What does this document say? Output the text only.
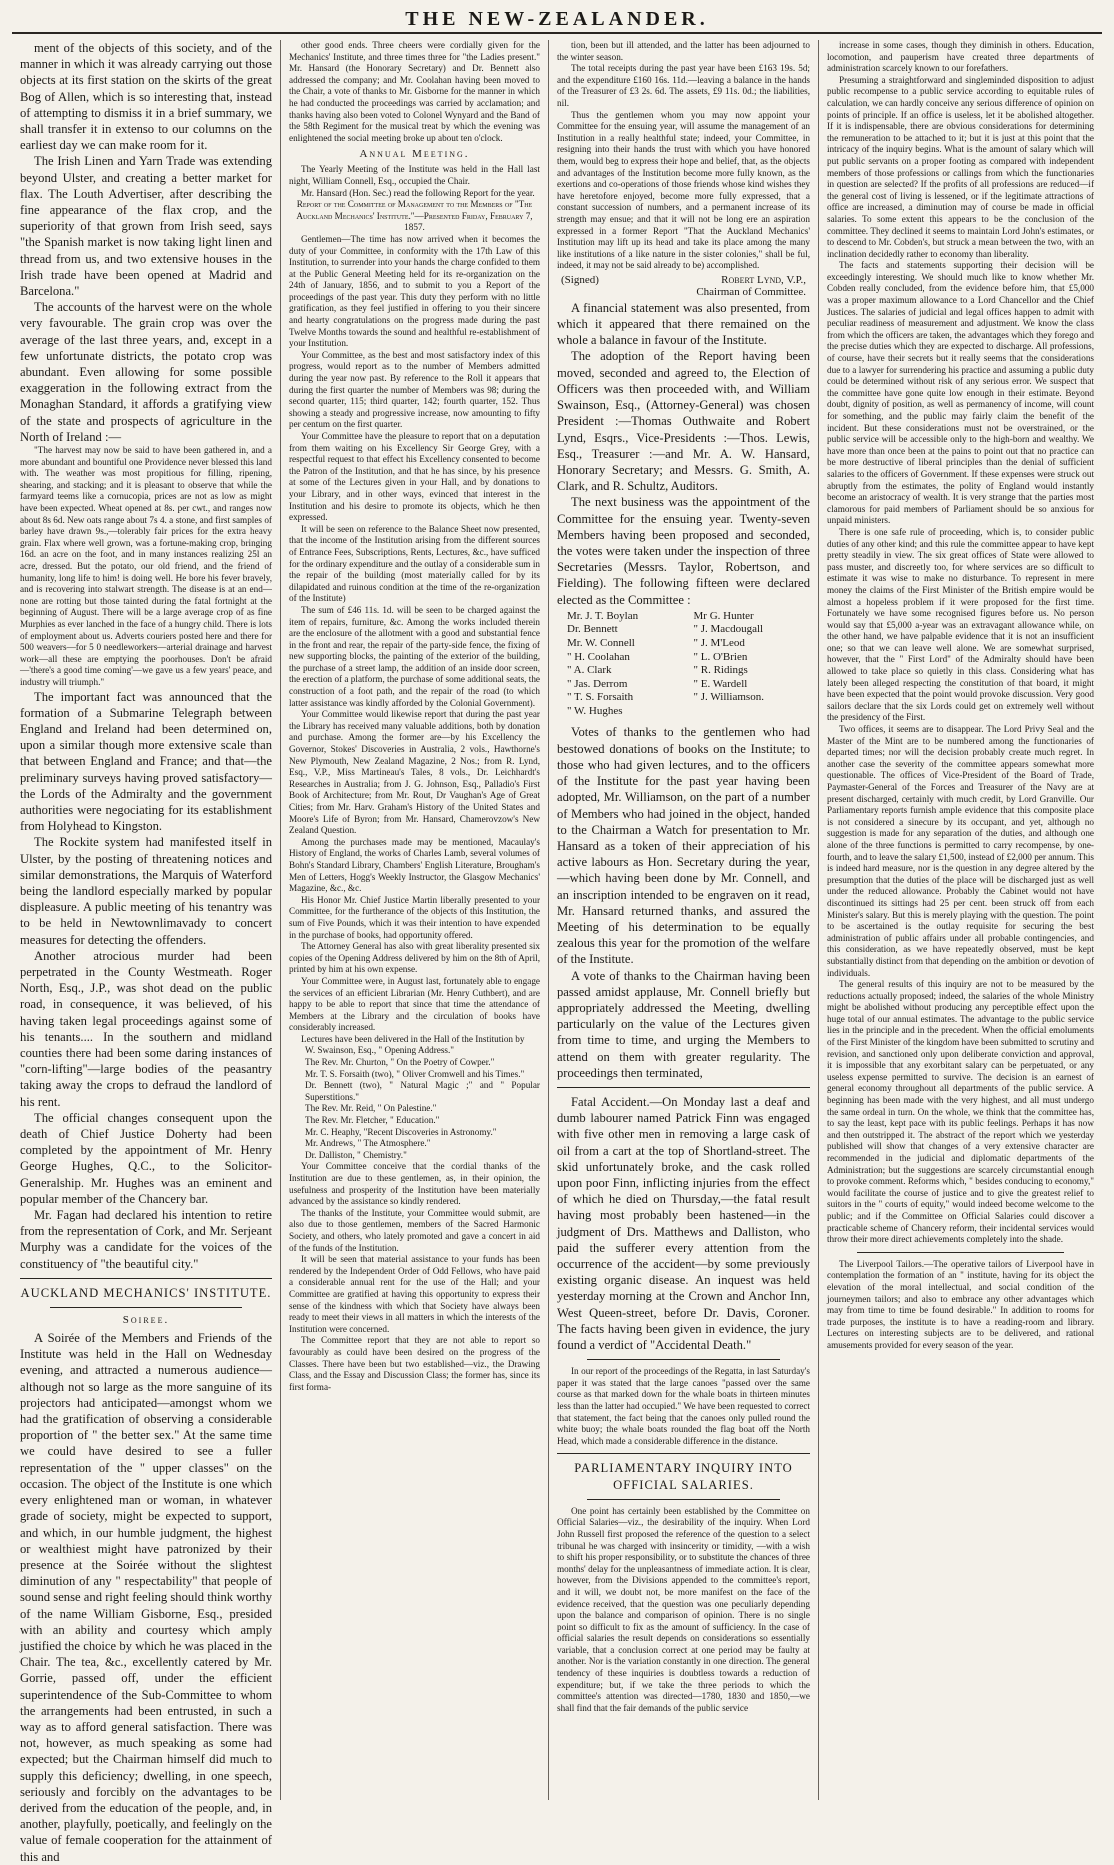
THE NEW-ZEALANDER.

ment of the objects of this society, and of the manner in which it was already carrying out those objects at its first station on the skirts of the great Bog of Allen, which is so interesting that, instead of attempting to dismiss it in a brief summary, we shall transfer it in extenso to our columns on the earliest day we can make room for it.

The Irish Linen and Yarn Trade was extending beyond Ulster, and creating a better market for flax. The Louth Advertiser, after describing the fine appearance of the flax crop, and the superiority of that grown from Irish seed, says "the Spanish market is now taking light linen and thread from us, and two extensive houses in the Irish trade have been opened at Madrid and Barcelona."

The accounts of the harvest were on the whole very favourable. The grain crop was over the average of the last three years, and, except in a few unfortunate districts, the potato crop was abundant. Even allowing for some possible exaggeration in the following extract from the Monaghan Standard, it affords a gratifying view of the state and prospects of agriculture in the North of Ireland :—

"The harvest may now be said to have been gathered in, and a more abundant and bountiful one Providence never blessed this land with. The weather was most propitious for filling, ripening, shearing, and stacking; and it is pleasant to observe that while the farmyard teems like a cornucopia, prices are not as low as might have been expected. Wheat opened at 8s. per cwt., and ranges now about 8s 6d. New oats range about 7s 4. a stone, and first samples of barley have drawn 9s.,—tolerably fair prices for the extra heavy grain. Flax where well grown, was a fortune-making crop, bringing 16d. an acre on the foot, and in many instances realizing 25l an acre, dressed. But the potato, our old friend, and the friend of humanity, long life to him! is doing well. He bore his fever bravely, and is recovering into stalwart strength. The disease is at an end—none are rotting but those tainted during the fatal fortnight at the beginning of August. There will be a large average crop of as fine Murphies as ever lanched in the face of a hungry child. There is lots of employment about us. Adverts couriers posted here and there for 500 weavers—for 5 0 needleworkers—arterial drainage and harvest work—all these are emptying the poorhouses. Don't be afraid—'there's a good time coming'—we gave us a few years' peace, and industry will triumph."

The important fact was announced that the formation of a Submarine Telegraph between England and Ireland had been determined on, upon a similar though more extensive scale than that between England and France; and that—the preliminary surveys having proved satisfactory—the Lords of the Admiralty and the government authorities were negociating for its establishment from Holyhead to Kingston.

The Rockite system had manifested itself in Ulster, by the posting of threatening notices and similar demonstrations, the Marquis of Waterford being the landlord especially marked by popular displeasure. A public meeting of his tenantry was to be held in Newtownlimavady to concert measures for detecting the offenders.

Another atrocious murder had been perpetrated in the County Westmeath. Roger North, Esq., J.P., was shot dead on the public road, in consequence, it was believed, of his having taken legal proceedings against some of his tenants.... In the southern and midland counties there had been some daring instances of "corn-lifting"—large bodies of the peasantry taking away the crops to defraud the landlord of his rent.

The official changes consequent upon the death of Chief Justice Doherty had been completed by the appointment of Mr. Henry George Hughes, Q.C., to the Solicitor-Generalship. Mr. Hughes was an eminent and popular member of the Chancery bar.

Mr. Fagan had declared his intention to retire from the representation of Cork, and Mr. Serjeant Murphy was a candidate for the voices of the constituency of "the beautiful city."

AUCKLAND MECHANICS' INSTITUTE.

Soiree.

A Soirée of the Members and Friends of the Institute was held in the Hall on Wednesday evening, and attracted a numerous audience—although not so large as the more sanguine of its projectors had anticipated—amongst whom we had the gratification of observing a considerable proportion of " the better sex." At the same time we could have desired to see a fuller representation of the " upper classes" on the occasion. The object of the Institute is one which every enlightened man or woman, in whatever grade of society, might be expected to support, and which, in our humble judgment, the highest or wealthiest might have patronized by their presence at the Soirée without the slightest diminution of any " respectability" that people of sound sense and right feeling should think worthy of the name William Gisborne, Esq., presided with an ability and courtesy which amply justified the choice by which he was placed in the Chair. The tea, &c., excellently catered by Mr. Gorrie, passed off, under the efficient superintendence of the Sub-Committee to whom the arrangements had been entrusted, in such a way as to afford general satisfaction. There was not, however, as much speaking as some had expected; but the Chairman himself did much to supply this deficiency; dwelling, in one speech, seriously and forcibly on the advantages to be derived from the education of the people, and, in another, playfully, poetically, and feelingly on the value of female cooperation for the attainment of this and

other good ends. Three cheers were cordially given for the Mechanics' Institute, and three times three for "the Ladies present." Mr. Hansard (the Honorary Secretary) and Dr. Bennett also addressed the company; and Mr. Coolahan having been moved to the Chair, a vote of thanks to Mr. Gisborne for the manner in which he had conducted the proceedings was carried by acclamation; and thanks having also been voted to Colonel Wynyard and the Band of the 58th Regiment for the musical treat by which the evening was enlightened the social meeting broke up about ten o'clock.

Annual Meeting.

The Yearly Meeting of the Institute was held in the Hall last night, William Connell, Esq., occupied the Chair.

Mr. Hansard (Hon. Sec.) read the following Report for the year.

Report of the Committee of Management to the Members of "The Auckland Mechanics' Institute."—Presented Friday, February 7, 1857.

Gentlemen—The time has now arrived when it becomes the duty of your Committee, in conformity with the 17th Law of this Institution, to surrender into your hands the charge confided to them at the Public General Meeting held for its re-organization on the 24th of January, 1856, and to submit to you a Report of the proceedings of the past year. This duty they perform with no little gratification, as they feel justified in offering to you their sincere and hearty congratulations on the progress made during the past Twelve Months towards the sound and healthful re-establishment of your Institution.

Your Committee, as the best and most satisfactory index of this progress, would report as to the number of Members admitted during the year now past. By reference to the Roll it appears that during the first quarter the number of Members was 98; during the second quarter, 115; third quarter, 142; fourth quarter, 152. Thus showing a steady and progressive increase, now amounting to fifty per centum on the first quarter.

Your Committee have the pleasure to report that on a deputation from them waiting on his Excellency Sir George Grey, with a respectful request to that effect his Excellency consented to become the Patron of the Institution, and that he has since, by his presence at some of the Lectures given in your Hall, and by donations to your Library, and in other ways, evinced that interest in the Institution and his desire to promote its objects, which he then expressed.

It will be seen on reference to the Balance Sheet now presented, that the income of the Institution arising from the different sources of Entrance Fees, Subscriptions, Rents, Lectures, &c., have sufficed for the ordinary expenditure and the outlay of a considerable sum in the repair of the building (most materially called for by its dilapidated and ruinous condition at the time of the re-organization of the Institute)

The sum of £46 11s. 1d. will be seen to be charged against the item of repairs, furniture, &c. Among the works included therein are the enclosure of the allotment with a good and substantial fence in the front and rear, the repair of the party-side fence, the fixing of new supporting blocks, the painting of the exterior of the building, the purchase of a street lamp, the addition of an inside door screen, the erection of a platform, the purchase of some additional seats, the construction of a foot path, and the repair of the road (to which latter assistance was kindly afforded by the Colonial Government).

Your Committee would likewise report that during the past year the Library has received many valuable additions, both by donation and purchase. Among the former are—by his Excellency the Governor, Stokes' Discoveries in Australia, 2 vols., Hawthorne's New Plymouth, New Zealand Magazine, 2 Nos.; from R. Lynd, Esq., V.P., Miss Martineau's Tales, 8 vols., Dr. Leichhardt's Researches in Australia; from J. G. Johnson, Esq., Palladio's First Book of Architecture; from Mr. Rout, Dr Vaughan's Age of Great Cities; from Mr. Harv. Graham's History of the United States and Moore's Life of Byron; from Mr. Hansard, Chamerovzow's New Zealand Question.

Among the purchases made may be mentioned, Macaulay's History of England, the works of Charles Lamb, several volumes of Bohn's Standard Library, Chambers' English Literature, Brougham's Men of Letters, Hogg's Weekly Instructor, the Glasgow Mechanics' Magazine, &c., &c.

His Honor Mr. Chief Justice Martin liberally presented to your Committee, for the furtherance of the objects of this Institution, the sum of Five Pounds, which it was their intention to have expended in the purchase of books, had opportunity offered.

The Attorney General has also with great liberality presented six copies of the Opening Address delivered by him on the 8th of April, printed by him at his own expense.

Your Committee were, in August last, fortunately able to engage the services of an efficient Librarian (Mr. Henry Cuthbert), and are happy to be able to report that since that time the attendance of Members at the Library and the circulation of books have considerably increased.

Lectures have been delivered in the Hall of the Institution by

W. Swainson, Esq., " Opening Address."
The Rev. Mr. Churton, " On the Poetry of Cowper."
Mr. T. S. Forsaith (two), " Oliver Cromwell and his Times."
Dr. Bennett (two), " Natural Magic ;" and " Popular Superstitions."
The Rev. Mr. Reid, " On Palestine."
The Rev. Mr. Fletcher, " Education."
Mr. C. Heaphy, "Recent Discoveries in Astronomy."
Mr. Andrews, " The Atmosphere."
Dr. Dalliston, " Chemistry."

Your Committee conceive that the cordial thanks of the Institution are due to these gentlemen, as, in their opinion, the usefulness and prosperity of the Institution have been materially advanced by the assistance so kindly rendered.

The thanks of the Institute, your Committee would submit, are also due to those gentlemen, members of the Sacred Harmonic Society, and others, who lately promoted and gave a concert in aid of the funds of the Institution.

It will be seen that material assistance to your funds has been rendered by the Independent Order of Odd Fellows, who have paid a considerable annual rent for the use of the Hall; and your Committee are gratified at having this opportunity to express their sense of the kindness with which that Society have always been ready to meet their views in all matters in which the interests of the Institution were concerned.

The Committee report that they are not able to report so favourably as could have been desired on the progress of the Classes. There have been but two established—viz., the Drawing Class, and the Essay and Discussion Class; the former has, since its first forma-

tion, been but ill attended, and the latter has been adjourned to the winter season.

The total receipts during the past year have been £163 19s. 5d; and the expenditure £160 16s. 11d.—leaving a balance in the hands of the Treasurer of £3 2s. 6d. The assets, £9 11s. 0d.; the liabilities, nil.

Thus the gentlemen whom you may now appoint your Committee for the ensuing year, will assume the management of an Institution in a really healthful state; indeed, your Committee, in resigning into their hands the trust with which you have honored them, would beg to express their hope and belief, that, as the objects and advantages of the Institution become more fully known, as the exertions and co-operations of those friends whose kind wishes they have heretofore enjoyed, become more fully expressed, that a constant succession of numbers, and a permanent increase of its strength may ensue; and that it will not be long ere an aspiration expressed in a former Report "That the Auckland Mechanics' Institution may lift up its head and take its place among the many like institutions of a like nature in the sister colonies," shall be ful, indeed, it may not be said already to be) accomplished.

(Signed)	Robert Lynd, V.P.,
Chairman of Committee.

A financial statement was also presented, from which it appeared that there remained on the whole a balance in favour of the Institute.

The adoption of the Report having been moved, seconded and agreed to, the Election of Officers was then proceeded with, and William Swainson, Esq., (Attorney-General) was chosen President :—Thomas Outhwaite and Robert Lynd, Esqrs., Vice-Presidents :—Thos. Lewis, Esq., Treasurer :—and Mr. A. W. Hansard, Honorary Secretary; and Messrs. G. Smith, A. Clark, and R. Schultz, Auditors.

The next business was the appointment of the Committee for the ensuing year. Twenty-seven Members having been proposed and seconded, the votes were taken under the inspection of three Secretaries (Messrs. Taylor, Robertson, and Fielding). The following fifteen were declared elected as the Committee :

Mr. J. T. Boylan
Dr. Bennett
Mr. W. Connell
" H. Coolahan
" A. Clark
" Jas. Derrom
" T. S. Forsaith
" W. Hughes
Mr G. Hunter
" J. Macdougall
" J. M'Leod
" L. O'Brien
" R. Ridings
" E. Wardell
" J. Williamson.

Votes of thanks to the gentlemen who had bestowed donations of books on the Institute; to those who had given lectures, and to the officers of the Institute for the past year having been adopted, Mr. Williamson, on the part of a number of Members who had joined in the object, handed to the Chairman a Watch for presentation to Mr. Hansard as a token of their appreciation of his active labours as Hon. Secretary during the year,—which having been done by Mr. Connell, and an inscription intended to be engraven on it read, Mr. Hansard returned thanks, and assured the Meeting of his determination to be equally zealous this year for the promotion of the welfare of the Institute.

A vote of thanks to the Chairman having been passed amidst applause, Mr. Connell briefly but appropriately addressed the Meeting, dwelling particularly on the value of the Lectures given from time to time, and urging the Members to attend on them with greater regularity. The proceedings then terminated,

Fatal Accident.—On Monday last a deaf and dumb labourer named Patrick Finn was engaged with five other men in removing a large cask of oil from a cart at the top of Shortland-street. The skid unfortunately broke, and the cask rolled upon poor Finn, inflicting injuries from the effect of which he died on Thursday,—the fatal result having most probably been hastened—in the judgment of Drs. Matthews and Dalliston, who paid the sufferer every attention from the occurrence of the accident—by some previously existing organic disease. An inquest was held yesterday morning at the Crown and Anchor Inn, West Queen-street, before Dr. Davis, Coroner. The facts having been given in evidence, the jury found a verdict of "Accidental Death."

In our report of the proceedings of the Regatta, in last Saturday's paper it was stated that the large canoes "passed over the same course as that marked down for the whale boats in thirteen minutes less than the latter had occupied." We have been requested to correct that statement, the fact being that the canoes only pulled round the white buoy; the whale boats rounded the flag boat off the North Head, which made a considerable difference in the distance.

PARLIAMENTARY INQUIRY INTO OFFICIAL SALARIES.

One point has certainly been established by the Committee on Official Salaries—viz., the desirability of the inquiry. When Lord John Russell first proposed the reference of the question to a select tribunal he was charged with insincerity or timidity, —with a wish to shift his proper responsibility, or to substitute the chances of three months' delay for the unpleasantness of immediate action. It is clear, however, from the Divisions appended to the committee's report, and it will, we doubt not, be more manifest on the face of the evidence received, that the question was one peculiarly depending upon the balance and comparison of opinion. There is no single point so difficult to fix as the amount of sufficiency. In the case of official salaries the result depends on considerations so essentially variable, that a conclusion correct at one period may be faulty at another. Nor is the variation constantly in one direction. The general tendency of these inquiries is doubtless towards a reduction of expenditure; but, if we take the three periods to which the committee's attention was directed—1780, 1830 and 1850,—we shall find that the fair demands of the public service

increase in some cases, though they diminish in others. Education, locomotion, and pauperism have created three departments of administration scarcely known to our forefathers.

Presuming a straightforward and singleminded disposition to adjust public recompense to a public service according to equitable rules of calculation, we can hardly conceive any serious difference of opinion on points of principle. If an office is useless, let it be abolished altogether. If it is indispensable, there are obvious considerations for determining the remuneration to be attached to it; but it is just at this point that the intricacy of the inquiry begins. What is the amount of salary which will put public servants on a proper footing as compared with independent members of those professions or callings from which the functionaries in question are selected? If the profits of all professions are reduced—if the general cost of living is lessened, or if the legitimate attractions of office are increased, a diminution may of course be made in official salaries. To some extent this appears to be the conclusion of the committee. They declined it seems to maintain Lord John's estimates, or to descend to Mr. Cobden's, but struck a mean between the two, with an inclination decidedly rather to economy than liberality.

The facts and statements supporting their decision will be exceedingly interesting. We should much like to know whether Mr. Cobden really concluded, from the evidence before him, that £5,000 was a proper maximum allowance to a Lord Chancellor and the Chief Justices. The salaries of judicial and legal offices happen to admit with peculiar readiness of measurement and adjustment. We know the class from which the officers are taken, the advantages which they forego and the precise duties which they are expected to discharge. All professions, of course, have their secrets but it really seems that the considerations due to a lawyer for surrendering his practice and assuming a public duty could be determined without risk of any serious error. We suspect that the committee have gone quite low enough in their estimate. Beyond doubt, dignity of position, as well as permanency of income, will count for something, and the public may fairly claim the benefit of the incident. But these considerations must not be overstrained, or the public service will be accessible only to the high-born and wealthy. We have more than once been at the pains to point out that no practice can be more destructive of liberal principles than the denial of sufficient salaries to the officers of Government. If these expenses were struck out abruptly from the estimates, the polity of England would instantly become an aristocracy of wealth. It is very strange that the parties most clamorous for paid members of Parliament should be so anxious for unpaid ministers.

There is one safe rule of proceeding, which is, to consider public duties of any other kind; and this rule the committee appear to have kept pretty steadily in view. The six great offices of State were allowed to pass muster, and discreetly too, for where services are so difficult to estimate it was wise to make no disturbance. To represent in mere money the claims of the First Minister of the British empire would be almost a hopeless problem if it were proposed for the first time. Fortunately we have some recognised figures before us. No person would say that £5,000 a-year was an extravagant allowance while, on the other hand, we have palpable evidence that it is not an insufficient one; so that we can leave well alone. We are somewhat surprised, however, that the " First Lord" of the Admiralty should have been allowed to take place so quietly in this class. Considering what has lately been alleged respecting the constitution of that board, it might have been expected that the point would provoke discussion. Very good sailors declare that the six Lords could get on extremely well without the presidency of the First.

Two offices, it seems are to disappear. The Lord Privy Seal and the Master of the Mint are to be numbered among the functionaries of departed times; nor will the decision probably create much regret. In another case the severity of the committee appears somewhat more questionable. The offices of Vice-President of the Board of Trade, Paymaster-General of the Forces and Treasurer of the Navy are at present discharged, certainly with much credit, by Lord Granville. Our Parliamentary reports furnish ample evidence that this composite place is not considered a sinecure by its occupant, and yet, although no suggestion is made for any separation of the duties, and although one alone of the three functions is permitted to carry recompense, by one-fourth, and to leave the salary £1,500, instead of £2,000 per annum. This is indeed hard measure, nor is the question in any degree altered by the presumption that the duties of the place will be discharged just as well under the reduced allowance. Probably the Cabinet would not have discontinued its sittings had 25 per cent. been struck off from each Minister's salary. But this is merely playing with the question. The point to be ascertained is the outlay requisite for securing the best administration of public affairs under all probable contingencies, and this consideration, as we have repeatedly observed, must be kept substantially distinct from that depending on the ambition or devotion of individuals.

The general results of this inquiry are not to be measured by the reductions actually proposed; indeed, the salaries of the whole Ministry might be abolished without producing any perceptible effect upon the huge total of our annual estimates. The advantage to the public service lies in the principle and in the precedent. When the official emoluments of the First Minister of the kingdom have been submitted to scrutiny and revision, and sanctioned only upon deliberate conviction and approval, it is impossible that any exorbitant salary can be perpetuated, or any useless expense permitted to survive. The decision is an earnest of general economy throughout all departments of the public service. A beginning has been made with the very highest, and all must undergo the same ordeal in turn. On the whole, we think that the committee has, to say the least, kept pace with its public feelings. Perhaps it has now and then outstripped it. The abstract of the report which we yesterday published will show that changes of a very extensive character are recommended in the judicial and diplomatic departments of the Administration; but the suggestions are scarcely circumstantial enough to provoke comment. Reforms which, " besides conducing to economy," would facilitate the course of justice and to give the greatest relief to suitors in the " courts of equity," would indeed become welcome to the public; and if the Committee on Official Salaries could discover a practicable scheme of Chancery reform, their incidental services would throw their more direct achievements completely into the shade.

The Liverpool Tailors.—The operative tailors of Liverpool have in contemplation the formation of an " institute, having for its object the elevation of the moral intellectual, and social condition of the journeymen tailors; and also to embrace any other advantages which may from time to time be found desirable." In addition to rooms for trade purposes, the institute is to have a reading-room and library. Lectures on interesting subjects are to be delivered, and rational amusements provided for every season of the year.
